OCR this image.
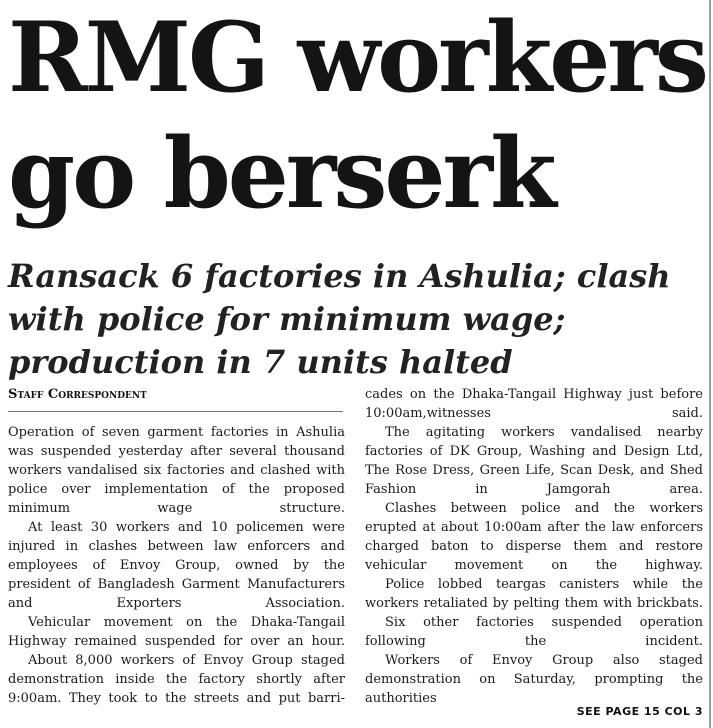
RMG workers
go berserk
Ransack 6 factories in Ashulia; clash
with police for minimum wage;
production in 7 units halted
Staff Correspondent

Operation of seven garment factories in Ashulia was suspended yesterday after several thousand workers vandalised six factories and clashed with police over implementation of the proposed minimum wage structure.

At least 30 workers and 10 policemen were injured in clashes between law enforcers and employees of Envoy Group, owned by the president of Bangladesh Garment Manufacturers and Exporters Association.

Vehicular movement on the Dhaka-Tangail Highway remained suspended for over an hour.

About 8,000 workers of Envoy Group staged demonstration inside the factory shortly after 9:00am. They took to the streets and put barri-

cades on the Dhaka-Tangail Highway just before 10:00am,witnesses said.

The agitating workers vandalised nearby factories of DK Group, Washing and Design Ltd, The Rose Dress, Green Life, Scan Desk, and Shed Fashion in Jamgorah area.

Clashes between police and the workers erupted at about 10:00am after the law enforcers charged baton to disperse them and restore vehicular movement on the highway.

Police lobbed teargas canisters while the workers retaliated by pelting them with brickbats.

Six other factories suspended operation following the incident.

Workers of Envoy Group also staged demonstration on Saturday, prompting the authorities

SEE PAGE 15 COL 3
